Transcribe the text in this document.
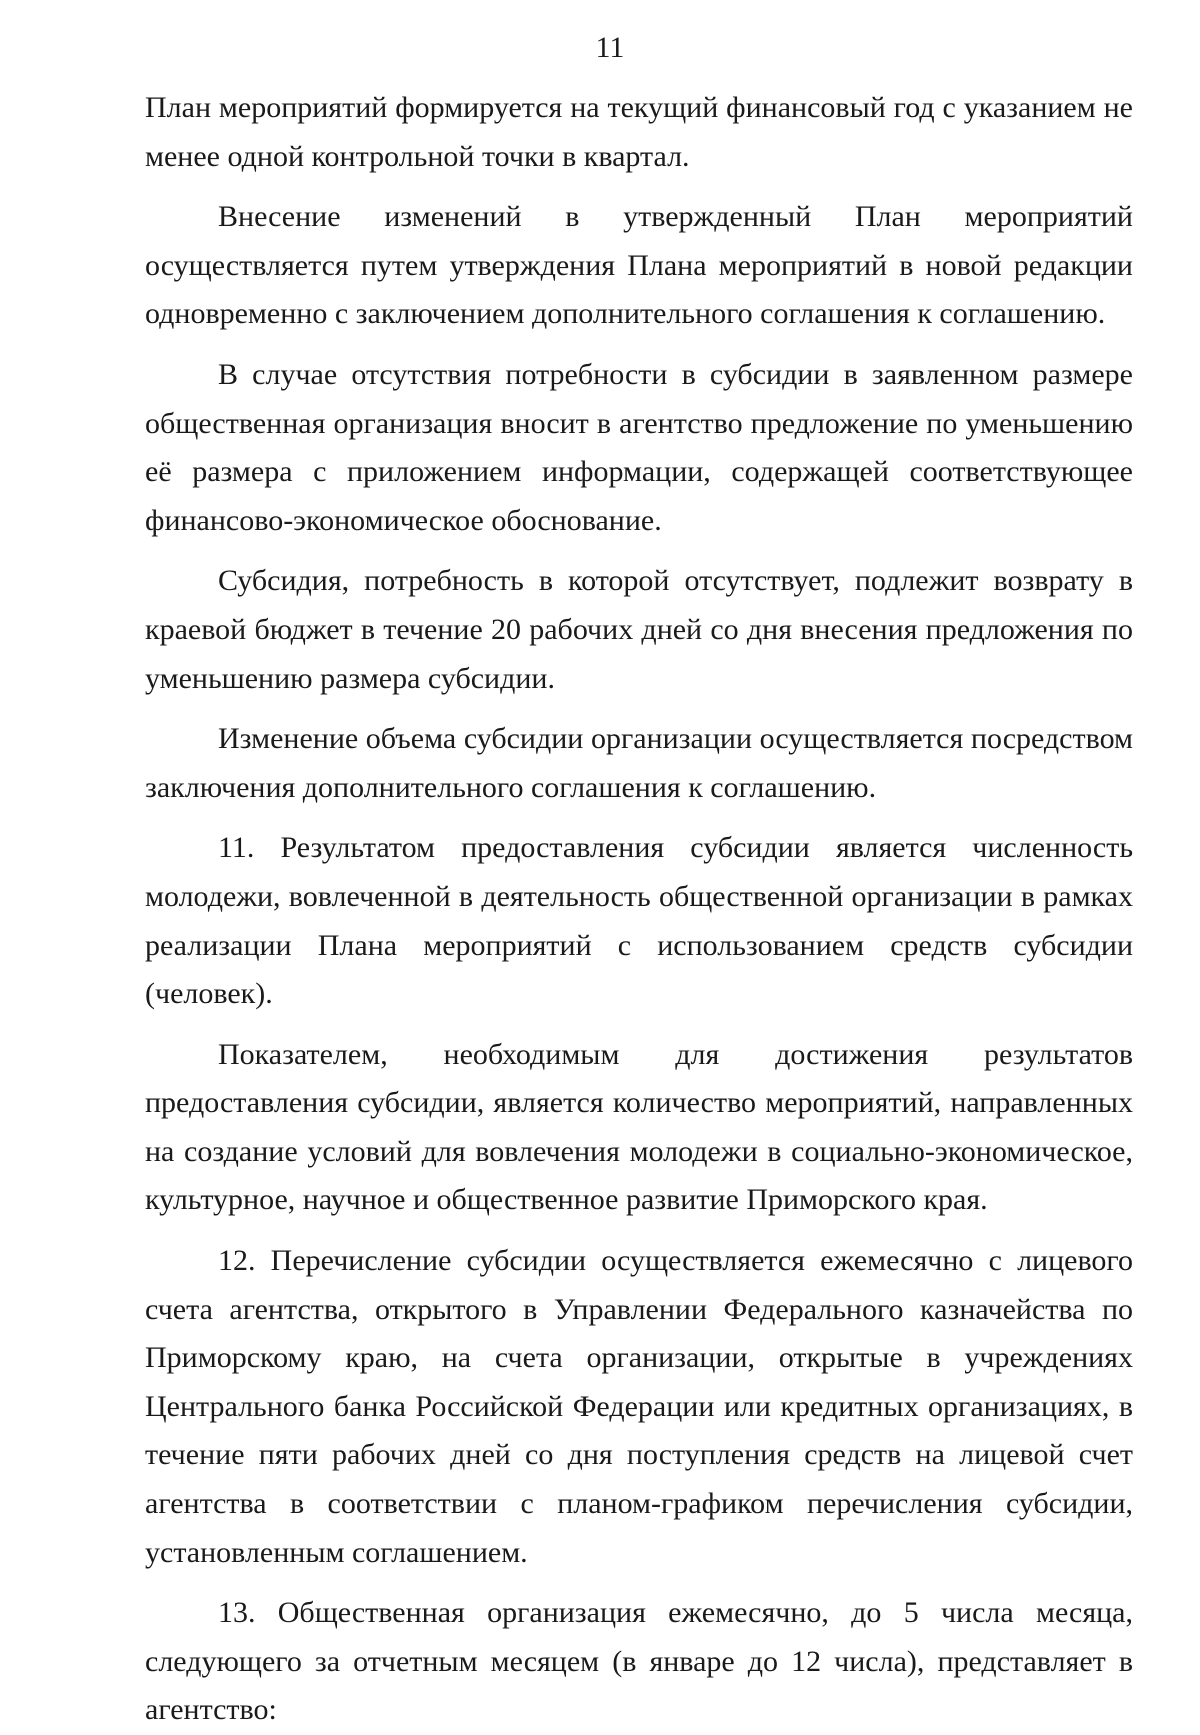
11

План мероприятий формируется на текущий финансовый год с указанием не менее одной контрольной точки в квартал.

Внесение изменений в утвержденный План мероприятий осуществляется путем утверждения Плана мероприятий в новой редакции одновременно с заключением дополнительного соглашения к соглашению.

В случае отсутствия потребности в субсидии в заявленном размере общественная организация вносит в агентство предложение по уменьшению её размера с приложением информации, содержащей соответствующее финансово-экономическое обоснование.

Субсидия, потребность в которой отсутствует, подлежит возврату в краевой бюджет в течение 20 рабочих дней со дня внесения предложения по уменьшению размера субсидии.

Изменение объема субсидии организации осуществляется посредством заключения дополнительного соглашения к соглашению.

11. Результатом предоставления субсидии является численность молодежи, вовлеченной в деятельность общественной организации в рамках реализации Плана мероприятий с использованием средств субсидии (человек).

Показателем, необходимым для достижения результатов предоставления субсидии, является количество мероприятий, направленных на создание условий для вовлечения молодежи в социально-экономическое, культурное, научное и общественное развитие Приморского края.

12. Перечисление субсидии осуществляется ежемесячно с лицевого счета агентства, открытого в Управлении Федерального казначейства по Приморскому краю, на счета организации, открытые в учреждениях Центрального банка Российской Федерации или кредитных организациях, в течение пяти рабочих дней со дня поступления средств на лицевой счет агентства в соответствии с планом-графиком перечисления субсидии, установленным соглашением.

13. Общественная организация ежемесячно, до 5 числа месяца, следующего за отчетным месяцем (в январе до 12 числа), представляет в агентство:
